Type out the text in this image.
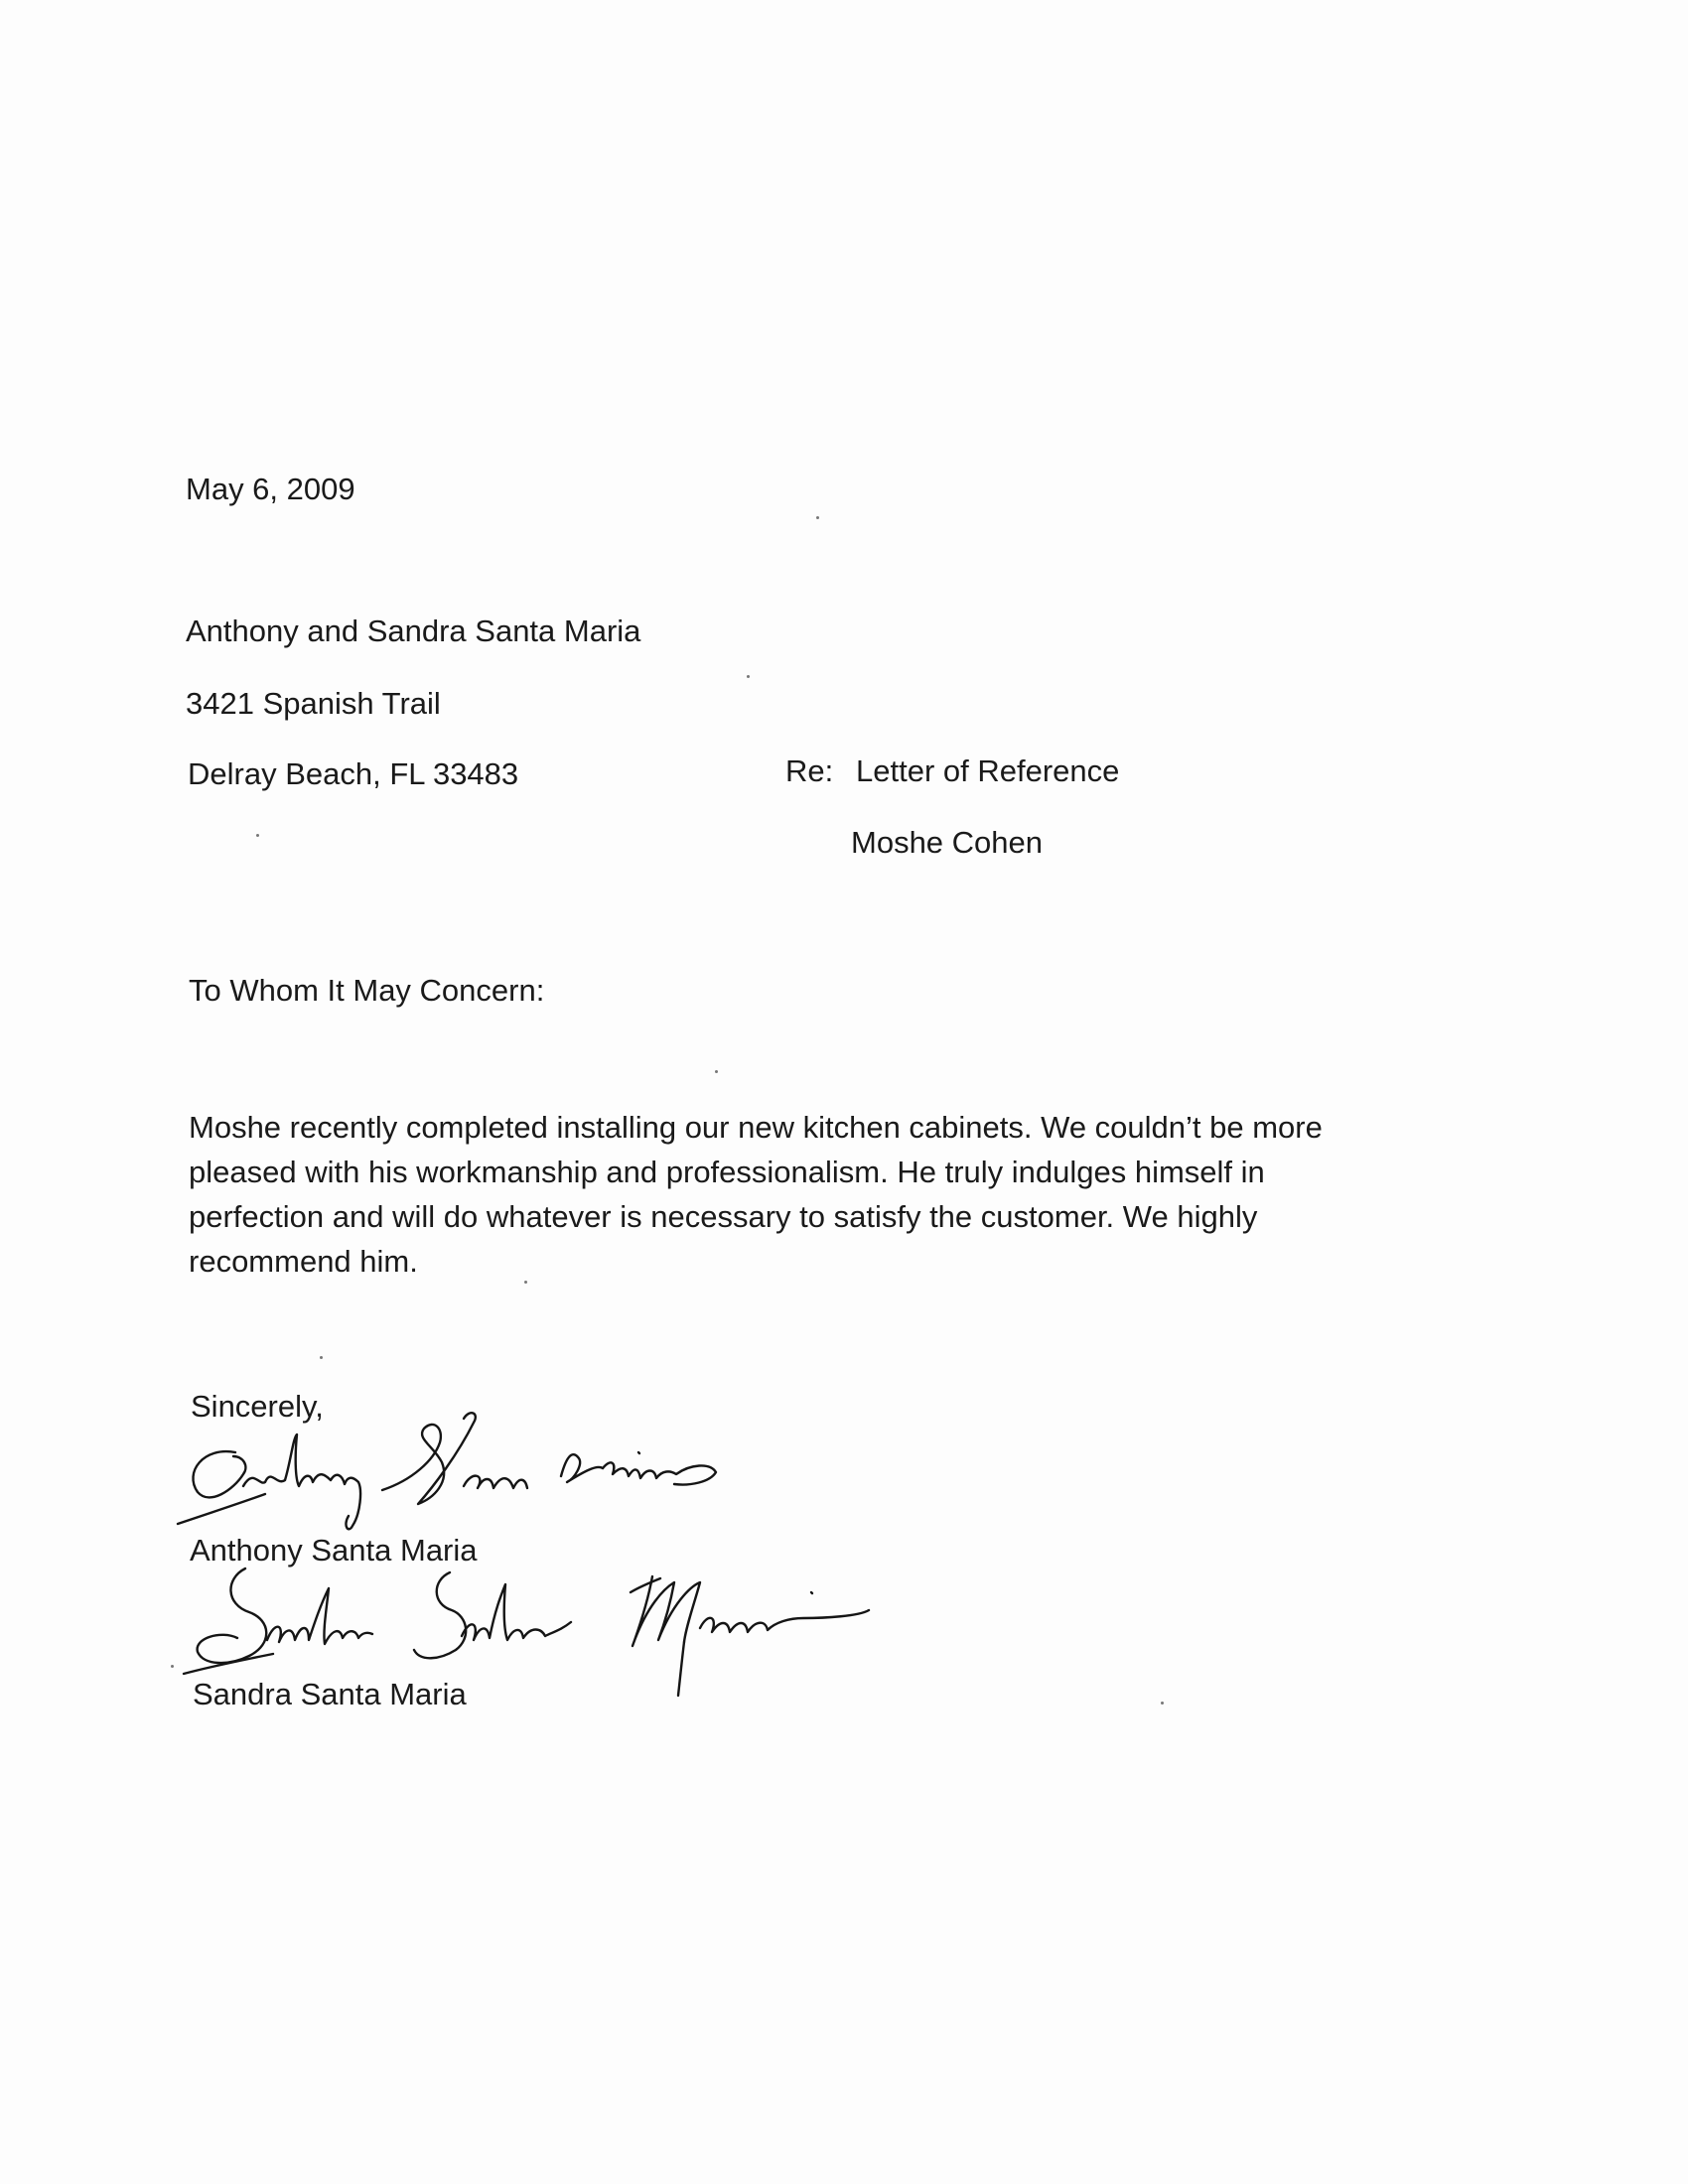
May 6, 2009
Anthony and Sandra Santa Maria
3421 Spanish Trail
Delray Beach, FL 33483	Re: Letter of Reference
Moshe Cohen
To Whom It May Concern:
Moshe recently completed installing our new kitchen cabinets. We couldn’t be more
pleased with his workmanship and professionalism. He truly indulges himself in
perfection and will do whatever is necessary to satisfy the customer. We highly
recommend him.
Sincerely,
Anthony Santa Maria
Sandra Santa Maria
